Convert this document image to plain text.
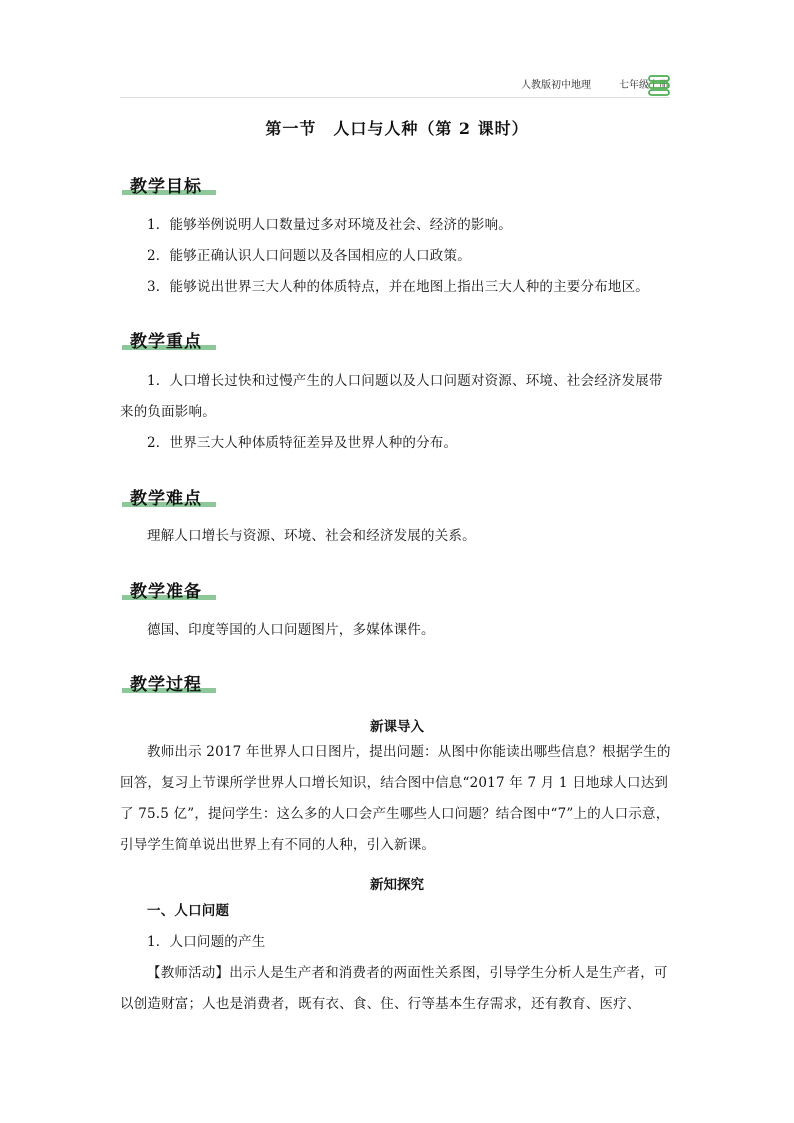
人教版初中地理	七年级上册
第一节　人口与人种（第 2 课时）
教学目标

1．能够举例说明人口数量过多对环境及社会、经济的影响。

2．能够正确认识人口问题以及各国相应的人口政策。

3．能够说出世界三大人种的体质特点，并在地图上指出三大人种的主要分布地区。

教学重点

1．人口增长过快和过慢产生的人口问题以及人口问题对资源、环境、社会经济发展带来的负面影响。

2．世界三大人种体质特征差异及世界人种的分布。

教学难点

理解人口增长与资源、环境、社会和经济发展的关系。

教学准备

德国、印度等国的人口问题图片，多媒体课件。

教学过程
新课导入

教师出示 2017 年世界人口日图片，提出问题：从图中你能读出哪些信息？根据学生的回答，复习上节课所学世界人口增长知识，结合图中信息“2017 年 7 月 1 日地球人口达到了 75.5 亿”，提问学生：这么多的人口会产生哪些人口问题？结合图中“7”上的人口示意，引导学生简单说出世界上有不同的人种，引入新课。

新知探究

一、人口问题

1．人口问题的产生

【教师活动】出示人是生产者和消费者的两面性关系图，引导学生分析人是生产者，可以创造财富；人也是消费者，既有衣、食、住、行等基本生存需求，还有教育、医疗、
